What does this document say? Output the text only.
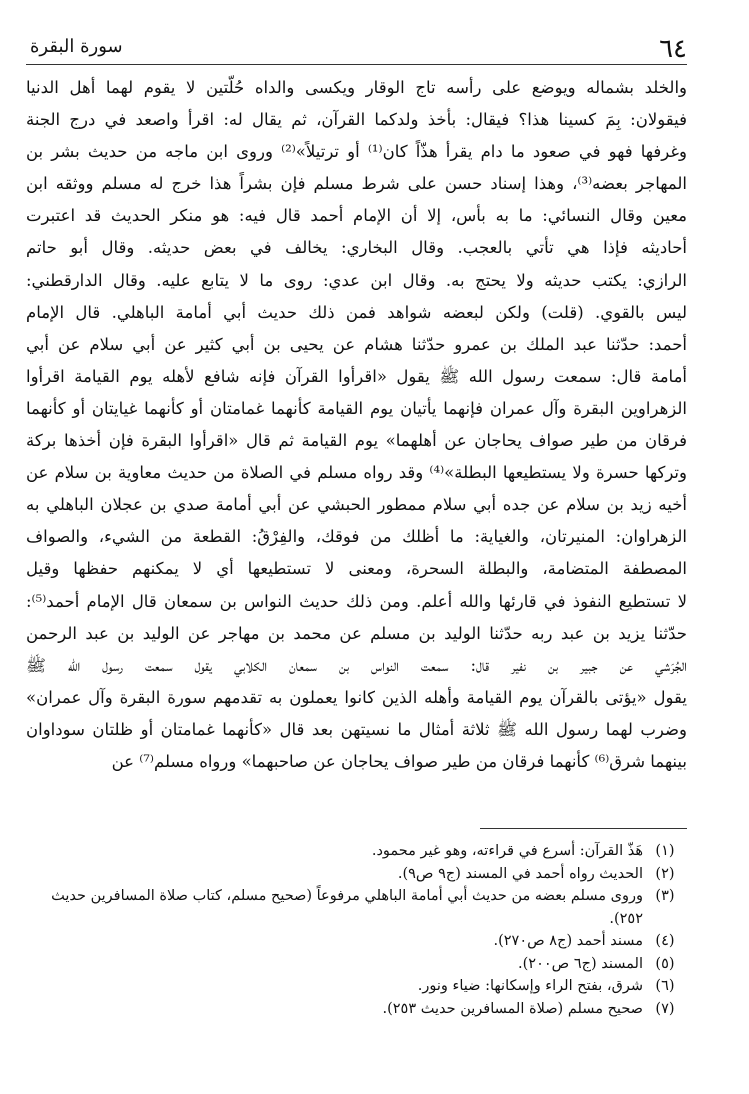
٦٤
سورة البقرة
والخلد بشماله ويوضع على رأسه تاج الوقار ويكسى والداه حُلّتين لا يقوم لهما أهل الدنيا
فيقولان: بِمَ كسينا هذا؟ فيقال: بأخذ ولدكما القرآن، ثم يقال له: اقرأ واصعد في درج الجنة
وغرفها فهو في صعود ما دام يقرأ هذّاً كان⁽¹⁾ أو ترتيلاً»⁽²⁾ وروى ابن ماجه من حديث بشر بن
المهاجر بعضه⁽³⁾، وهذا إسناد حسن على شرط مسلم فإن بشراً هذا خرج له مسلم ووثقه ابن
معين وقال النسائي: ما به بأس، إلا أن الإمام أحمد قال فيه: هو منكر الحديث قد اعتبرت
أحاديثه فإذا هي تأتي بالعجب. وقال البخاري: يخالف في بعض حديثه. وقال أبو حاتم
الرازي: يكتب حديثه ولا يحتج به. وقال ابن عدي: روى ما لا يتابع عليه. وقال الدارقطني:
ليس بالقوي. (قلت) ولكن لبعضه شواهد فمن ذلك حديث أبي أمامة الباهلي. قال الإمام
أحمد: حدّثنا عبد الملك بن عمرو حدّثنا هشام عن يحيى بن أبي كثير عن أبي سلام عن أبي
أمامة قال: سمعت رسول الله ﷺ يقول «اقرأوا القرآن فإنه شافع لأهله يوم القيامة اقرأوا
الزهراوين البقرة وآل عمران فإنهما يأتيان يوم القيامة كأنهما غمامتان أو كأنهما غيايتان أو كأنهما
فرقان من طير صواف يحاجان عن أهلهما» يوم القيامة ثم قال «اقرأوا البقرة فإن أخذها بركة
وتركها حسرة ولا يستطيعها البطلة»⁽⁴⁾ وقد رواه مسلم في الصلاة من حديث معاوية بن سلام عن
أخيه زيد بن سلام عن جده أبي سلام ممطور الحبشي عن أبي أمامة صدي بن عجلان الباهلي به
الزهراوان: المنيرتان، والغياية: ما أظلك من فوقك، والفِرْقُ: القطعة من الشيء، والصواف
المصطفة المتضامة، والبطلة السحرة، ومعنى لا تستطيعها أي لا يمكنهم حفظها وقيل
لا تستطيع النفوذ في قارئها والله أعلم. ومن ذلك حديث النواس بن سمعان قال الإمام أحمد⁽⁵⁾:
حدّثنا يزيد بن عبد ربه حدّثنا الوليد بن مسلم عن محمد بن مهاجر عن الوليد بن عبد الرحمن
الجُرَشي عن جبير بن نفير قال: سمعت النواس بن سمعان الكلابي يقول سمعت رسول الله ﷺ
يقول «يؤتى بالقرآن يوم القيامة وأهله الذين كانوا يعملون به تقدمهم سورة البقرة وآل عمران»
وضرب لهما رسول الله ﷺ ثلاثة أمثال ما نسيتهن بعد قال «كأنهما غمامتان أو ظلتان سوداوان
بينهما شرق⁽⁶⁾ كأنهما فرقان من طير صواف يحاجان عن صاحبهما» ورواه مسلم⁽⁷⁾ عن
(١)
هَذّ القرآن: أسرع في قراءته، وهو غير محمود.
(٢)
الحديث رواه أحمد في المسند (ج٩ ص٩).
(٣)
وروى مسلم بعضه من حديث أبي أمامة الباهلي مرفوعاً (صحيح مسلم، كتاب صلاة المسافرين حديث ٢٥٢).
(٤)
مسند أحمد (ج٨ ص٢٧٠).
(٥)
المسند (ج٦ ص٢٠٠).
(٦)
شرق، بفتح الراء وإسكانها: ضياء ونور.
(٧)
صحيح مسلم (صلاة المسافرين حديث ٢٥٣).
